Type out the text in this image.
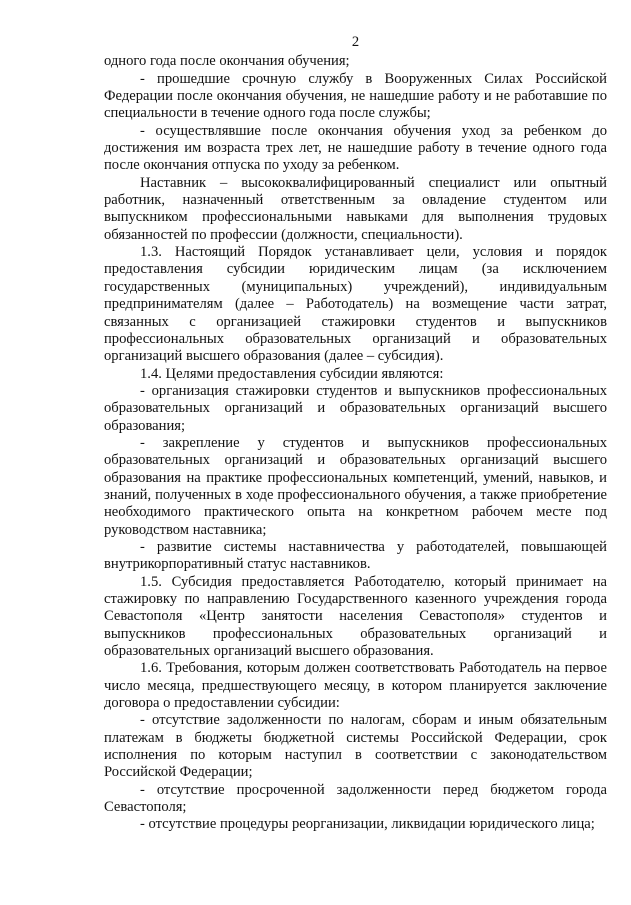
2

одного года после окончания обучения;

- прошедшие срочную службу в Вооруженных Силах Российской Федерации после окончания обучения, не нашедшие работу и не работавшие по специальности в течение одного года после службы;

- осуществлявшие после окончания обучения уход за ребенком до достижения им возраста трех лет, не нашедшие работу в течение одного года после окончания отпуска по уходу за ребенком.

Наставник – высококвалифицированный специалист или опытный работник, назначенный ответственным за овладение студентом или выпускником профессиональными навыками для выполнения трудовых обязанностей по профессии (должности, специальности).

1.3. Настоящий Порядок устанавливает цели, условия и порядок предоставления субсидии юридическим лицам (за исключением государственных (муниципальных) учреждений), индивидуальным предпринимателям (далее – Работодатель) на возмещение части затрат, связанных с организацией стажировки студентов и выпускников профессиональных образовательных организаций и образовательных организаций высшего образования (далее – субсидия).

1.4. Целями предоставления субсидии являются:

- организация стажировки студентов и выпускников профессиональных образовательных организаций и образовательных организаций высшего образования;

- закрепление у студентов и выпускников профессиональных образовательных организаций и образовательных организаций высшего образования на практике профессиональных компетенций, умений, навыков, и знаний, полученных в ходе профессионального обучения, а также приобретение необходимого практического опыта на конкретном рабочем месте под руководством наставника;

- развитие системы наставничества у работодателей, повышающей внутрикорпоративный статус наставников.

1.5. Субсидия предоставляется Работодателю, который принимает на стажировку по направлению Государственного казенного учреждения города Севастополя «Центр занятости населения Севастополя» студентов и выпускников профессиональных образовательных организаций и образовательных организаций высшего образования.

1.6. Требования, которым должен соответствовать Работодатель на первое число месяца, предшествующего месяцу, в котором планируется заключение договора о предоставлении субсидии:

- отсутствие задолженности по налогам, сборам и иным обязательным платежам в бюджеты бюджетной системы Российской Федерации, срок исполнения по которым наступил в соответствии с законодательством Российской Федерации;

- отсутствие просроченной задолженности перед бюджетом города Севастополя;

- отсутствие процедуры реорганизации, ликвидации юридического лица;
